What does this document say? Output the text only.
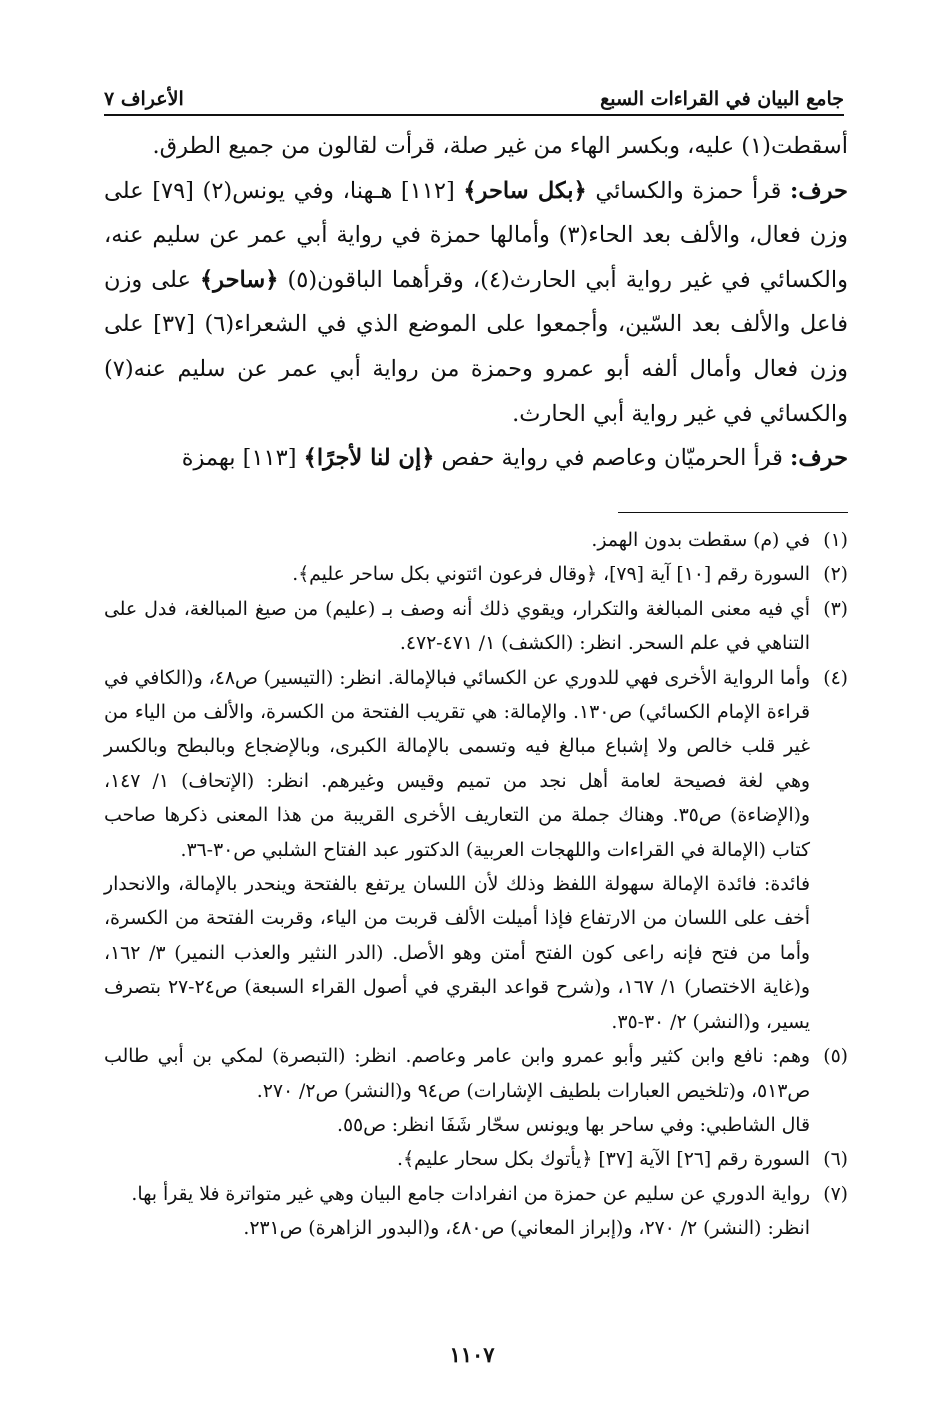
جامع البيان في القراءات السبع
الأعراف ٧

أسقطت(١) عليه، وبكسر الهاء من غير صلة، قرأت لقالون من جميع الطرق.

حرف: قرأ حمزة والكسائي ﴿بكل ساحر﴾ [١١٢] هـهنا، وفي يونس(٢) [٧٩] على وزن فعال، والألف بعد الحاء(٣) وأمالها حمزة في رواية أبي عمر عن سليم عنه، والكسائي في غير رواية أبي الحارث(٤)، وقرأهما الباقون(٥) ﴿ساحر﴾ على وزن فاعل والألف بعد السّين، وأجمعوا على الموضع الذي في الشعراء(٦) [٣٧] على وزن فعال وأمال ألفه أبو عمرو وحمزة من رواية أبي عمر عن سليم عنه(٧) والكسائي في غير رواية أبي الحارث.

حرف: قرأ الحرميّان وعاصم في رواية حفص ﴿إن لنا لأجرًا﴾ [١١٣] بهمزة

(١)
في (م) سقطت بدون الهمز.
(٢)
السورة رقم [١٠] آية [٧٩]، ﴿وقال فرعون ائتوني بكل ساحر عليم﴾.
(٣)
أي فيه معنى المبالغة والتكرار، ويقوي ذلك أنه وصف بـ (عليم) من صيغ المبالغة، فدل على التناهي في علم السحر. انظر: (الكشف) ١/ ٤٧١-٤٧٢.
(٤)
وأما الرواية الأخرى فهي للدوري عن الكسائي فبالإمالة. انظر: (التيسير) ص٤٨، و(الكافي في قراءة الإمام الكسائي) ص١٣٠. والإمالة: هي تقريب الفتحة من الكسرة، والألف من الياء من غير قلب خالص ولا إشباع مبالغ فيه وتسمى بالإمالة الكبرى، وبالإضجاع وبالبطح وبالكسر وهي لغة فصيحة لعامة أهل نجد من تميم وقيس وغيرهم. انظر: (الإتحاف) ١/ ١٤٧، و(الإضاءة) ص٣٥. وهناك جملة من التعاريف الأخرى القريبة من هذا المعنى ذكرها صاحب كتاب (الإمالة في القراءات واللهجات العربية) الدكتور عبد الفتاح الشلبي ص٣٠-٣٦.
فائدة: فائدة الإمالة سهولة اللفظ وذلك لأن اللسان يرتفع بالفتحة وينحدر بالإمالة، والانحدار أخف على اللسان من الارتفاع فإذا أميلت الألف قربت من الياء، وقربت الفتحة من الكسرة، وأما من فتح فإنه راعى كون الفتح أمتن وهو الأصل. (الدر النثير والعذب النمير) ٣/ ١٦٢، و(غاية الاختصار) ١/ ١٦٧، و(شرح قواعد البقري في أصول القراء السبعة) ص٢٤-٢٧ بتصرف يسير، و(النشر) ٢/ ٣٠-٣٥.
(٥)
وهم: نافع وابن كثير وأبو عمرو وابن عامر وعاصم. انظر: (التبصرة) لمكي بن أبي طالب ص٥١٣، و(تلخيص العبارات بلطيف الإشارات) ص٩٤ و(النشر) ص٢/ ٢٧٠.
قال الشاطبي: وفي ساحر بها ويونس سحّار شَفَا انظر: ص٥٥.
(٦)
السورة رقم [٢٦] الآية [٣٧] ﴿يأتوك بكل سحار عليم﴾.
(٧)
رواية الدوري عن سليم عن حمزة من انفرادات جامع البيان وهي غير متواترة فلا يقرأ بها.
انظر: (النشر) ٢/ ٢٧٠، و(إبراز المعاني) ص٤٨٠، و(البدور الزاهرة) ص٢٣١.
١١٠٧
